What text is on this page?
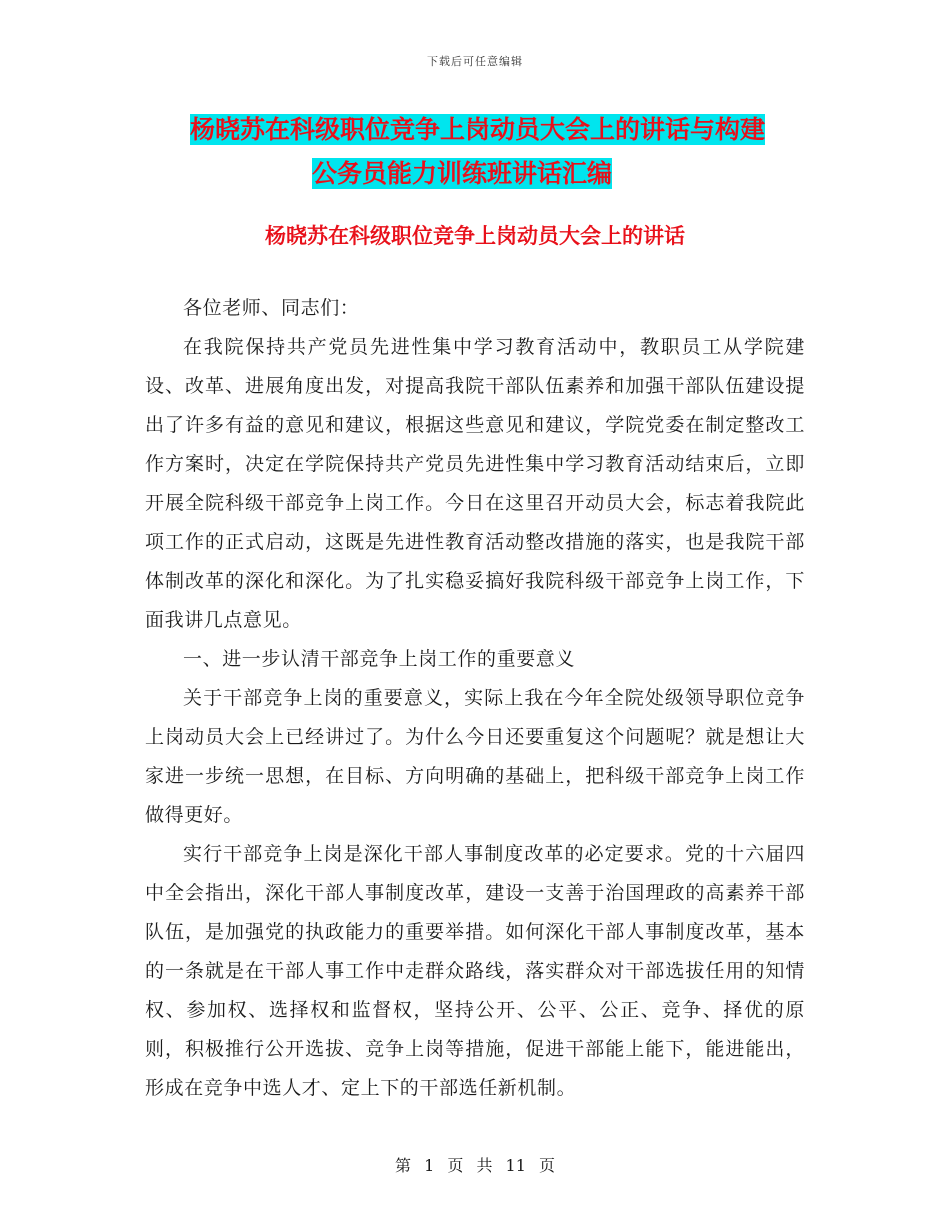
下载后可任意编辑
杨晓苏在科级职位竞争上岗动员大会上的讲话与构建
公务员能力训练班讲话汇编
杨晓苏在科级职位竞争上岗动员大会上的讲话

各位老师、同志们：

在我院保持共产党员先进性集中学习教育活动中，教职员工从学院建设、改革、进展角度出发，对提高我院干部队伍素养和加强干部队伍建设提出了许多有益的意见和建议，根据这些意见和建议，学院党委在制定整改工作方案时，决定在学院保持共产党员先进性集中学习教育活动结束后，立即开展全院科级干部竞争上岗工作。今日在这里召开动员大会，标志着我院此项工作的正式启动，这既是先进性教育活动整改措施的落实，也是我院干部体制改革的深化和深化。为了扎实稳妥搞好我院科级干部竞争上岗工作，下面我讲几点意见。

一、进一步认清干部竞争上岗工作的重要意义

关于干部竞争上岗的重要意义，实际上我在今年全院处级领导职位竞争上岗动员大会上已经讲过了。为什么今日还要重复这个问题呢？就是想让大家进一步统一思想，在目标、方向明确的基础上，把科级干部竞争上岗工作做得更好。

实行干部竞争上岗是深化干部人事制度改革的必定要求。党的十六届四中全会指出，深化干部人事制度改革，建设一支善于治国理政的高素养干部队伍，是加强党的执政能力的重要举措。如何深化干部人事制度改革，基本的一条就是在干部人事工作中走群众路线，落实群众对干部选拔任用的知情权、参加权、选择权和监督权，坚持公开、公平、公正、竞争、择优的原则，积极推行公开选拔、竞争上岗等措施，促进干部能上能下，能进能出，形成在竞争中选人才、定上下的干部选任新机制。

第 1 页 共 11 页
